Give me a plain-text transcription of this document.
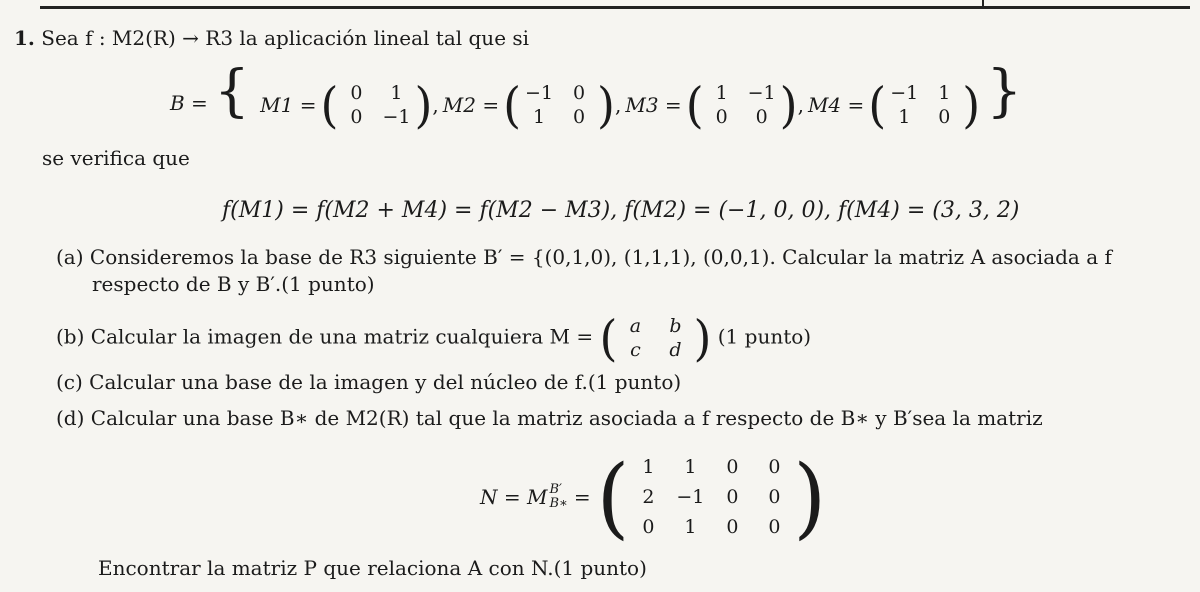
1. Sea f : M2(R) → R3 la aplicación lineal tal que si
B = { M1 = ( 0	1
0	−1 ) , M2 = ( −1	0
1	0 ) , M3 = ( 1	−1
0	0 ) , M4 = ( −1	1
1	0 ) }
se verifica que
f(M1) = f(M2 + M4) = f(M2 − M3), f(M2) = (−1, 0, 0), f(M4) = (3, 3, 2)
(a) Consideremos la base de R3 siguiente B′ = {(0,1,0), (1,1,1), (0,0,1). Calcular la matriz A asociada a f
respecto de B y B′.(1 punto)
(b) Calcular la imagen de una matriz cualquiera M = ( a	b
c	d ) (1 punto)
(c) Calcular una base de la imagen y del núcleo de f.(1 punto)
(d) Calcular una base B∗ de M2(R) tal que la matriz asociada a f respecto de B∗ y B′sea la matriz
N = M B′
B∗ = ( 1	1	0	0
2	−1	0	0
0	1	0	0 )
Encontrar la matriz P que relaciona A con N.(1 punto)
